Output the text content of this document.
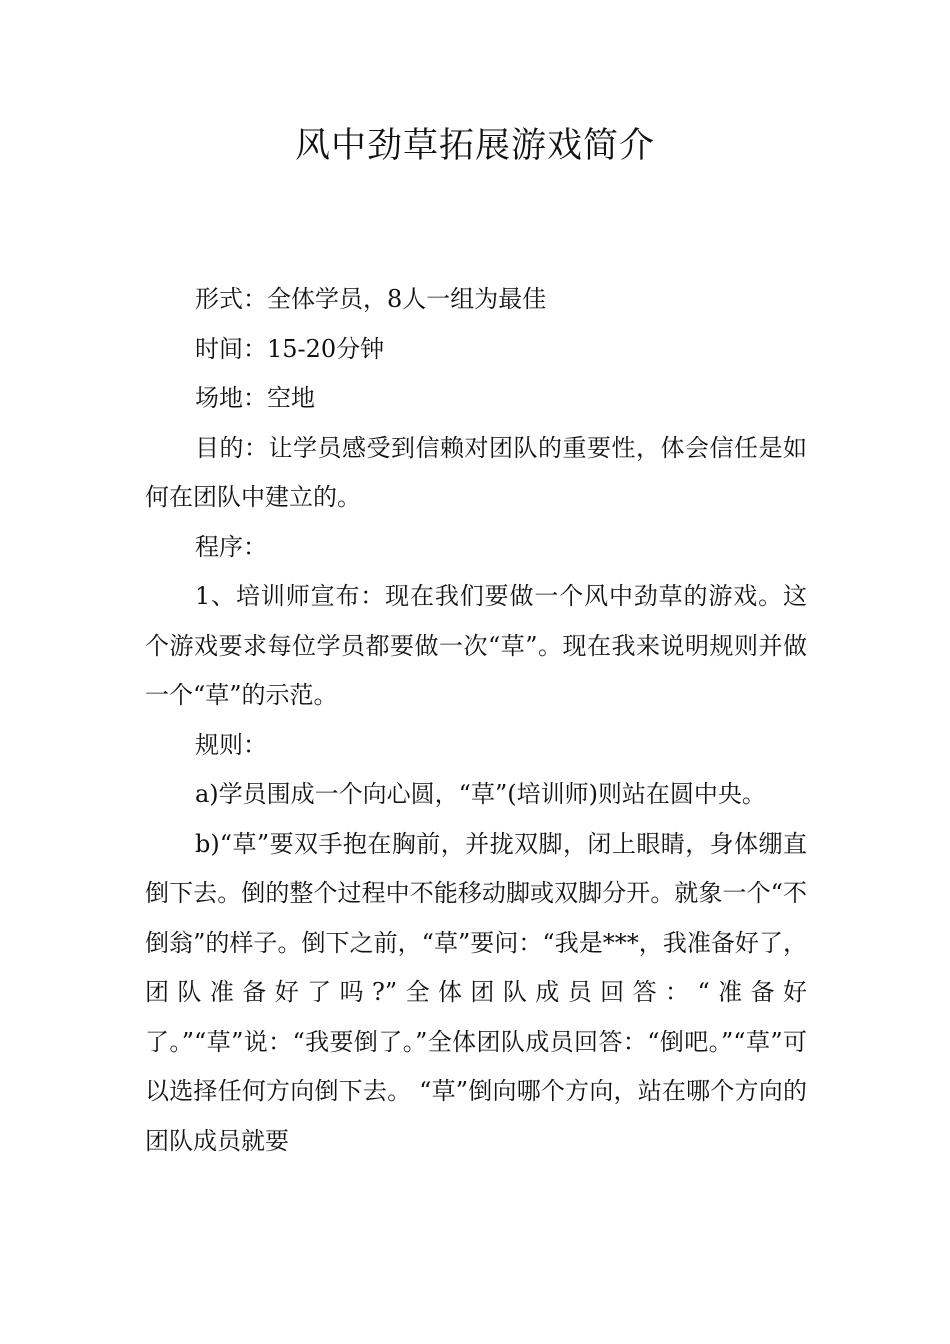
风中劲草拓展游戏简介

形式：全体学员，8人一组为最佳

时间：15-20分钟

场地：空地

目的：让学员感受到信赖对团队的重要性，体会信任是如何在团队中建立的。

程序：

1、培训师宣布：现在我们要做一个风中劲草的游戏。这个游戏要求每位学员都要做一次“草”。现在我来说明规则并做一个“草”的示范。

规则：

a)学员围成一个向心圆，“草”(培训师)则站在圆中央。

b)“草”要双手抱在胸前，并拢双脚，闭上眼睛，身体绷直倒下去。倒的整个过程中不能移动脚或双脚分开。就象一个“不倒翁”的样子。倒下之前，“草”要问：“我是***，我准备好了，团队准备好了吗?”全体团队成员回答：“准备好了。”“草”说：“我要倒了。”全体团队成员回答：“倒吧。”“草”可以选择任何方向倒下去。 “草”倒向哪个方向，站在哪个方向的团队成员就要
